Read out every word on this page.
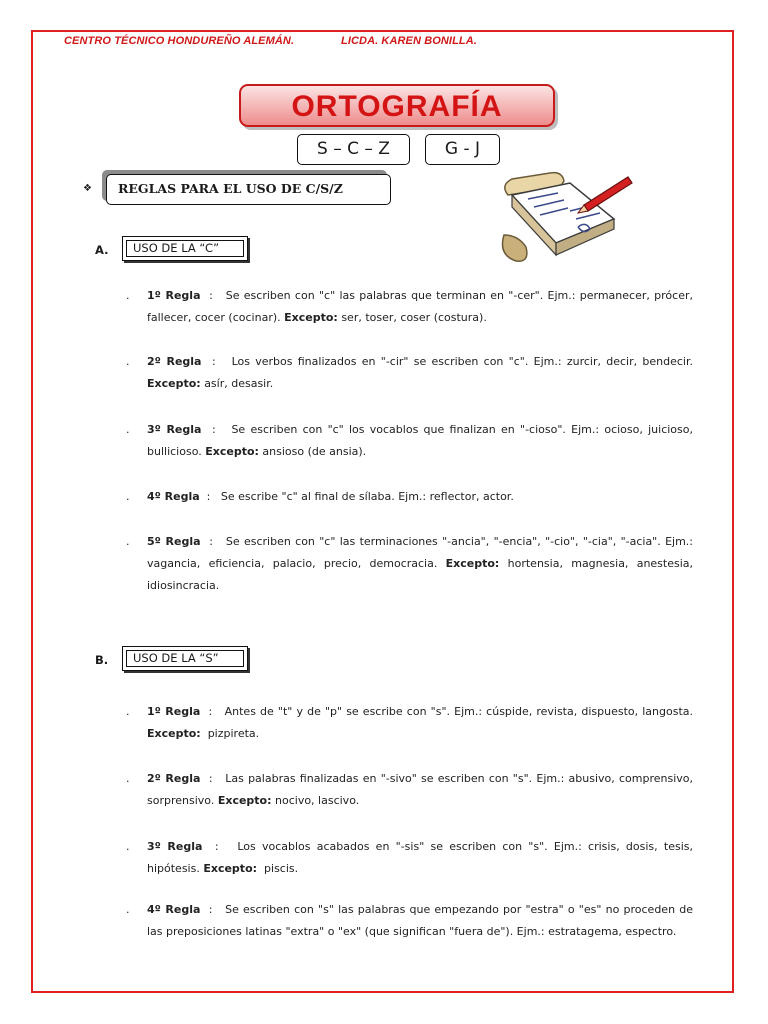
CENTRO TÉCNICO HONDUREÑO ALEMÁN.	LICDA. KAREN BONILLA.
ORTOGRAFÍA
S – C – Z	G - J
❖	REGLAS PARA EL USO DE C/S/Z
A.	USO DE LA “C”
. 1º Regla  :   Se escriben con "c" las palabras que terminan en "-cer". Ejm.: permanecer, prócer, fallecer, cocer (cocinar). Excepto: ser, toser, coser (costura).
. 2º Regla  :   Los verbos finalizados en "-cir" se escriben con "c". Ejm.: zurcir, decir, bendecir. Excepto: asír, desasir.
. 3º Regla  :   Se escriben con "c" los vocablos que finalizan en "-cioso". Ejm.: ocioso, juicioso, bullicioso. Excepto: ansioso (de ansia).
. 4º Regla  :   Se escribe "c" al final de sílaba. Ejm.: reflector, actor.
. 5º Regla  :   Se escriben con "c" las terminaciones "-ancia", "-encia", "-cio", "-cia", "-acia". Ejm.: vagancia, eficiencia, palacio, precio, democracia. Excepto: hortensia, magnesia, anestesia, idiosincracia.
B.	USO DE LA “S”
. 1º Regla  :   Antes de "t" y de "p" se escribe con "s". Ejm.: cúspide, revista, dispuesto, langosta. Excepto: pizpireta.
. 2º Regla  :   Las palabras finalizadas en "-sivo" se escriben con "s". Ejm.: abusivo, comprensivo, sorprensivo. Excepto: nocivo, lascivo.
. 3º Regla  :   Los vocablos acabados en "-sis" se escriben con "s". Ejm.: crisis, dosis, tesis, hipótesis. Excepto: piscis.
. 4º Regla  :   Se escriben con "s" las palabras que empezando por "estra" o "es" no proceden de las preposiciones latinas "extra" o "ex" (que significan "fuera de"). Ejm.: estratagema, espectro.
